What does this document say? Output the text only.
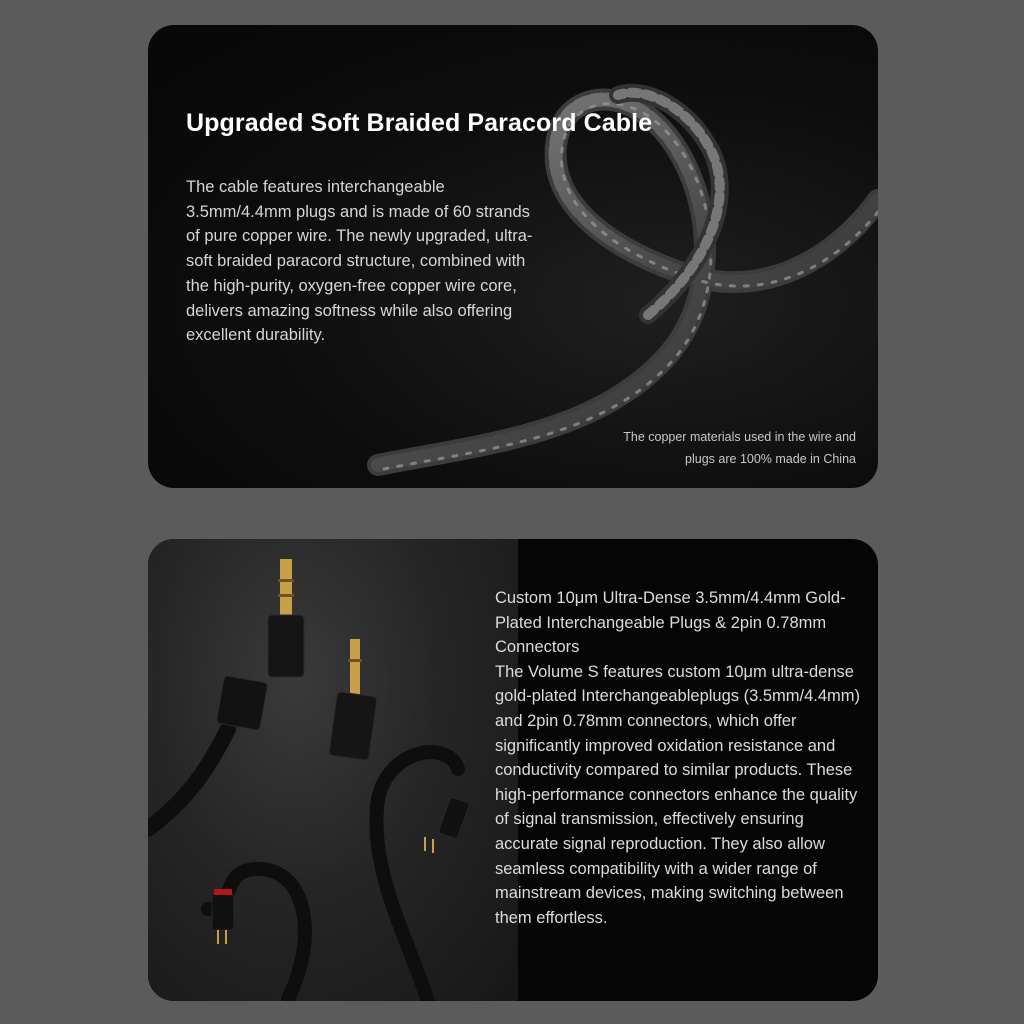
Upgraded Soft Braided Paracord Cable

The cable features interchangeable 3.5mm/4.4mm plugs and is made of 60 strands of pure copper wire. The newly upgraded, ultra-soft braided paracord structure, combined with the high-purity, oxygen-free copper wire core, delivers amazing softness while also offering excellent durability.

The copper materials used in the wire and
plugs are 100% made in China

Custom 10μm Ultra-Dense 3.5mm/4.4mm Gold-Plated Interchangeable Plugs & 2pin 0.78mm Connectors

The Volume S features custom 10μm ultra-dense gold-plated Interchangeableplugs (3.5mm/4.4mm) and 2pin 0.78mm connectors, which offer significantly improved oxidation resistance and conductivity compared to similar products. These high-performance connectors enhance the quality of signal transmission, effectively ensuring accurate signal reproduction. They also allow seamless compatibility with a wider range of mainstream devices, making switching between them effortless.
